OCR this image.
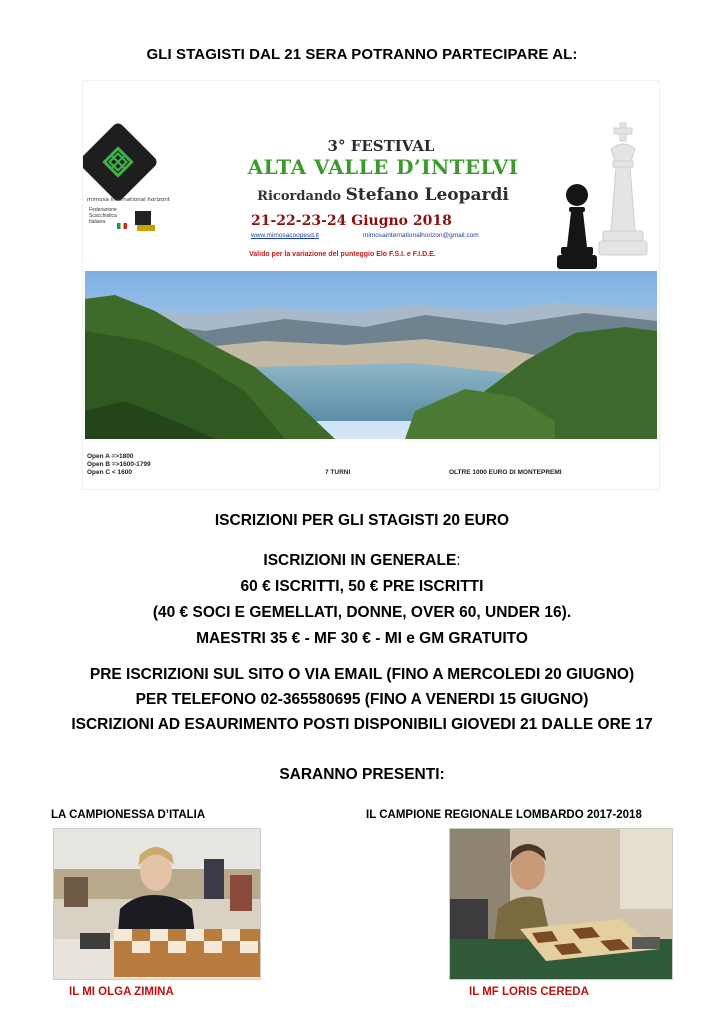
GLI STAGISTI DAL 21 SERA POTRANNO PARTECIPARE AL:
mimosa international horizont
Federazione Scacchistica Italiana
3° FESTIVAL
ALTA VALLE D’INTELVI
Ricordando Stefano Leopardi
21-22-23-24 Giugno 2018
www.mimosacoopesd.it	mimosainternationalhorizon@gmail.com
Valido per la variazione del punteggio Elo F.S.I. e F.I.D.E.
Open A =>1800
Open B =>1600-1799
Open C < 1600	7 TURNI	OLTRE 1000 EURO DI MONTEPREMI
ISCRIZIONI PER GLI STAGISTI 20 EURO
ISCRIZIONI IN GENERALE:
60 € ISCRITTI, 50 € PRE ISCRITTI
(40 € SOCI E GEMELLATI, DONNE, OVER 60, UNDER 16).
MAESTRI 35 € - MF 30 € - MI e GM GRATUITO
PRE ISCRIZIONI SUL SITO O VIA EMAIL (FINO A MERCOLEDI 20 GIUGNO)
PER TELEFONO 02-365580695 (FINO A VENERDI 15 GIUGNO)
ISCRIZIONI AD ESAURIMENTO POSTI DISPONIBILI GIOVEDI 21 DALLE ORE 17
SARANNO PRESENTI:
LA CAMPIONESSA D’ITALIA	IL CAMPIONE REGIONALE LOMBARDO 2017-2018
IL MI OLGA ZIMINA	IL MF LORIS CEREDA
